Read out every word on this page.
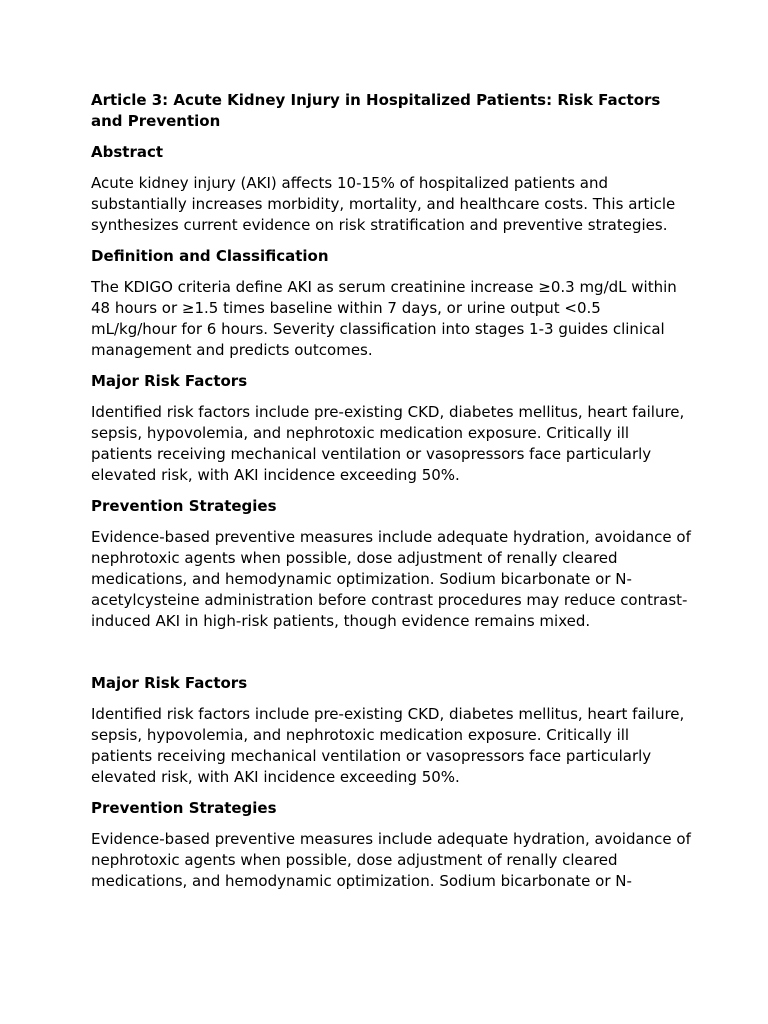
Article 3: Acute Kidney Injury in Hospitalized Patients: Risk Factors and Prevention
Abstract
Acute kidney injury (AKI) affects 10-15% of hospitalized patients and substantially increases morbidity, mortality, and healthcare costs. This article synthesizes current evidence on risk stratification and preventive strategies.
Definition and Classification
The KDIGO criteria define AKI as serum creatinine increase ≥0.3 mg/dL within 48 hours or ≥1.5 times baseline within 7 days, or urine output <0.5 mL/kg/hour for 6 hours. Severity classification into stages 1-3 guides clinical management and predicts outcomes.
Major Risk Factors
Identified risk factors include pre-existing CKD, diabetes mellitus, heart failure, sepsis, hypovolemia, and nephrotoxic medication exposure. Critically ill patients receiving mechanical ventilation or vasopressors face particularly elevated risk, with AKI incidence exceeding 50%.
Prevention Strategies
Evidence-based preventive measures include adequate hydration, avoidance of nephrotoxic agents when possible, dose adjustment of renally cleared medications, and hemodynamic optimization. Sodium bicarbonate or N-acetylcysteine administration before contrast procedures may reduce contrast-induced AKI in high-risk patients, though evidence remains mixed.
Major Risk Factors
Identified risk factors include pre-existing CKD, diabetes mellitus, heart failure, sepsis, hypovolemia, and nephrotoxic medication exposure. Critically ill patients receiving mechanical ventilation or vasopressors face particularly elevated risk, with AKI incidence exceeding 50%.
Prevention Strategies
Evidence-based preventive measures include adequate hydration, avoidance of nephrotoxic agents when possible, dose adjustment of renally cleared medications, and hemodynamic optimization. Sodium bicarbonate or N-
